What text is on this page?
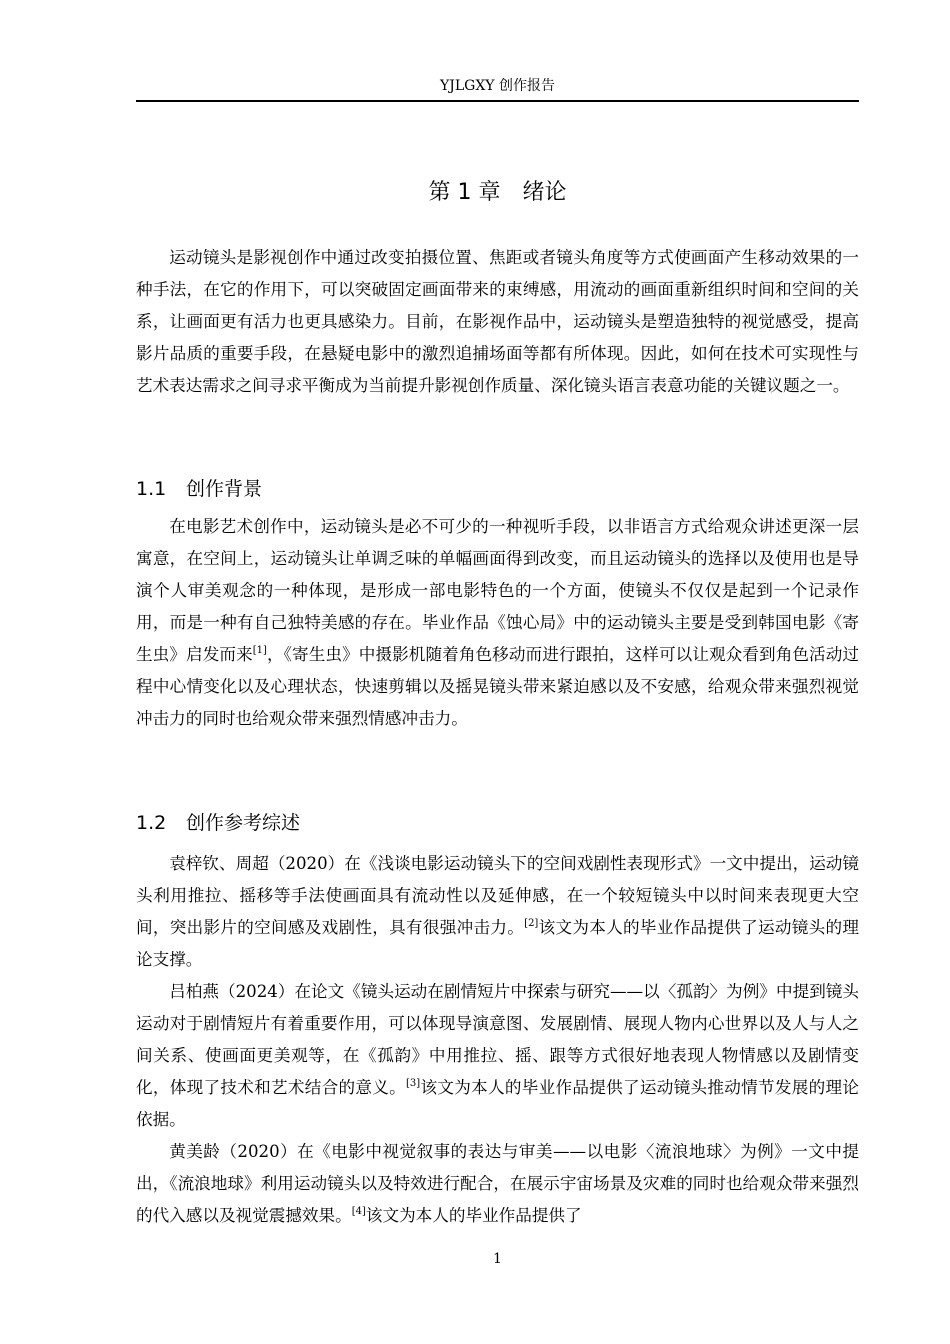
YJLGXY 创作报告
第 1 章　绪论

运动镜头是影视创作中通过改变拍摄位置、焦距或者镜头角度等方式使画面产生移动效果的一种手法，在它的作用下，可以突破固定画面带来的束缚感，用流动的画面重新组织时间和空间的关系，让画面更有活力也更具感染力。目前，在影视作品中，运动镜头是塑造独特的视觉感受，提高影片品质的重要手段，在悬疑电影中的激烈追捕场面等都有所体现。因此，如何在技术可实现性与艺术表达需求之间寻求平衡成为当前提升影视创作质量、深化镜头语言表意功能的关键议题之一。

1.1 创作背景

在电影艺术创作中，运动镜头是必不可少的一种视听手段，以非语言方式给观众讲述更深一层寓意，在空间上，运动镜头让单调乏味的单幅画面得到改变，而且运动镜头的选择以及使用也是导演个人审美观念的一种体现，是形成一部电影特色的一个方面，使镜头不仅仅是起到一个记录作用，而是一种有自己独特美感的存在。毕业作品《蚀心局》中的运动镜头主要是受到韩国电影《寄生虫》启发而来[1]，《寄生虫》中摄影机随着角色移动而进行跟拍，这样可以让观众看到角色活动过程中心情变化以及心理状态，快速剪辑以及摇晃镜头带来紧迫感以及不安感，给观众带来强烈视觉冲击力的同时也给观众带来强烈情感冲击力。

1.2 创作参考综述

袁梓钦、周超（2020）在《浅谈电影运动镜头下的空间戏剧性表现形式》一文中提出，运动镜头利用推拉、摇移等手法使画面具有流动性以及延伸感，在一个较短镜头中以时间来表现更大空间，突出影片的空间感及戏剧性，具有很强冲击力。[2]该文为本人的毕业作品提供了运动镜头的理论支撑。

吕柏燕（2024）在论文《镜头运动在剧情短片中探索与研究——以〈孤韵〉为例》中提到镜头运动对于剧情短片有着重要作用，可以体现导演意图、发展剧情、展现人物内心世界以及人与人之间关系、使画面更美观等，在《孤韵》中用推拉、摇、跟等方式很好地表现人物情感以及剧情变化，体现了技术和艺术结合的意义。[3]该文为本人的毕业作品提供了运动镜头推动情节发展的理论依据。

黄美龄（2020）在《电影中视觉叙事的表达与审美——以电影〈流浪地球〉为例》一文中提出，《流浪地球》利用运动镜头以及特效进行配合，在展示宇宙场景及灾难的同时也给观众带来强烈的代入感以及视觉震撼效果。[4]该文为本人的毕业作品提供了

1
